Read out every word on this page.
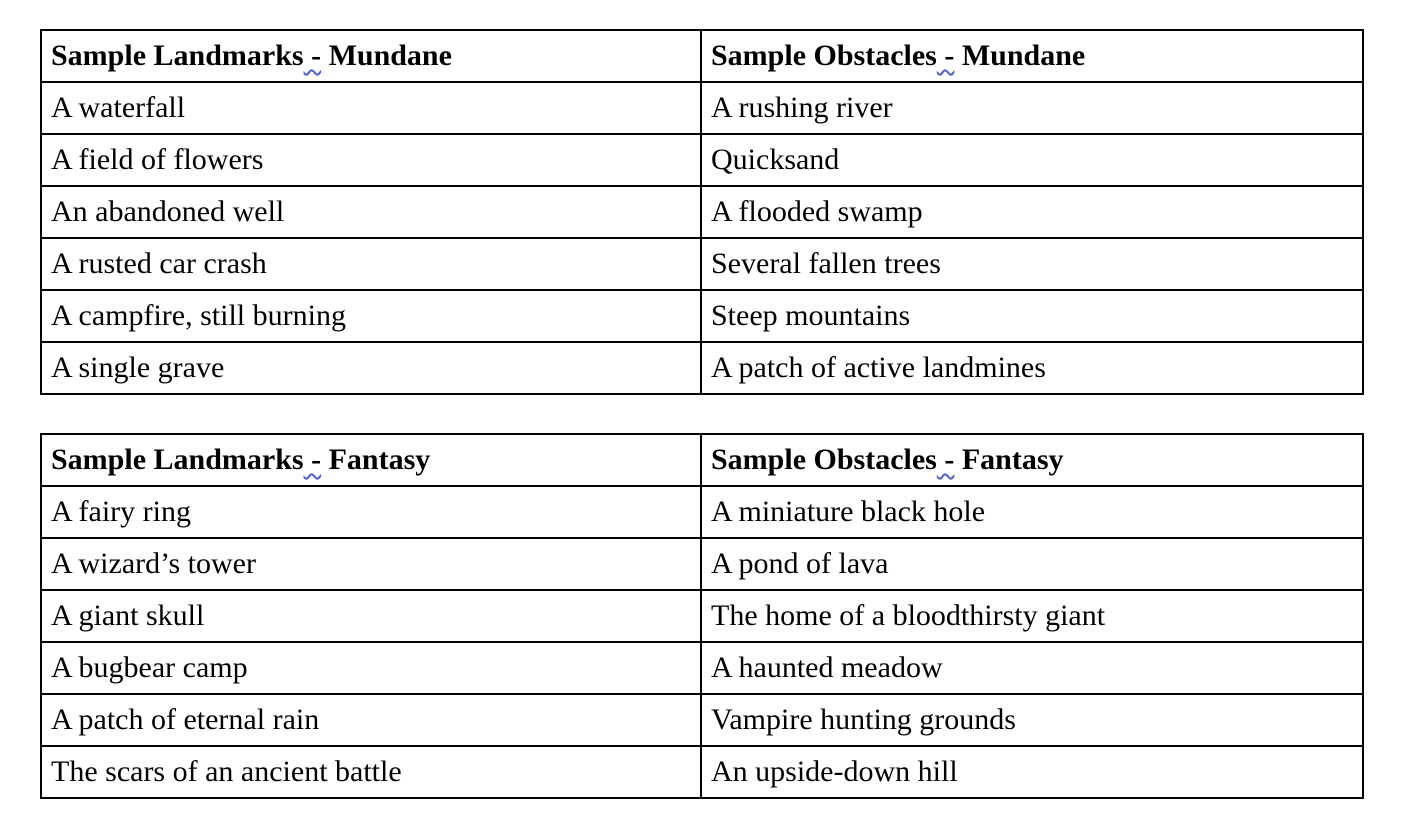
Sample Landmarks - Mundane	Sample Obstacles - Mundane
A waterfall	A rushing river
A field of flowers	Quicksand
An abandoned well	A flooded swamp
A rusted car crash	Several fallen trees
A campfire, still burning	Steep mountains
A single grave	A patch of active landmines
Sample Landmarks - Fantasy	Sample Obstacles - Fantasy
A fairy ring	A miniature black hole
A wizard’s tower	A pond of lava
A giant skull	The home of a bloodthirsty giant
A bugbear camp	A haunted meadow
A patch of eternal rain	Vampire hunting grounds
The scars of an ancient battle	An upside-down hill
